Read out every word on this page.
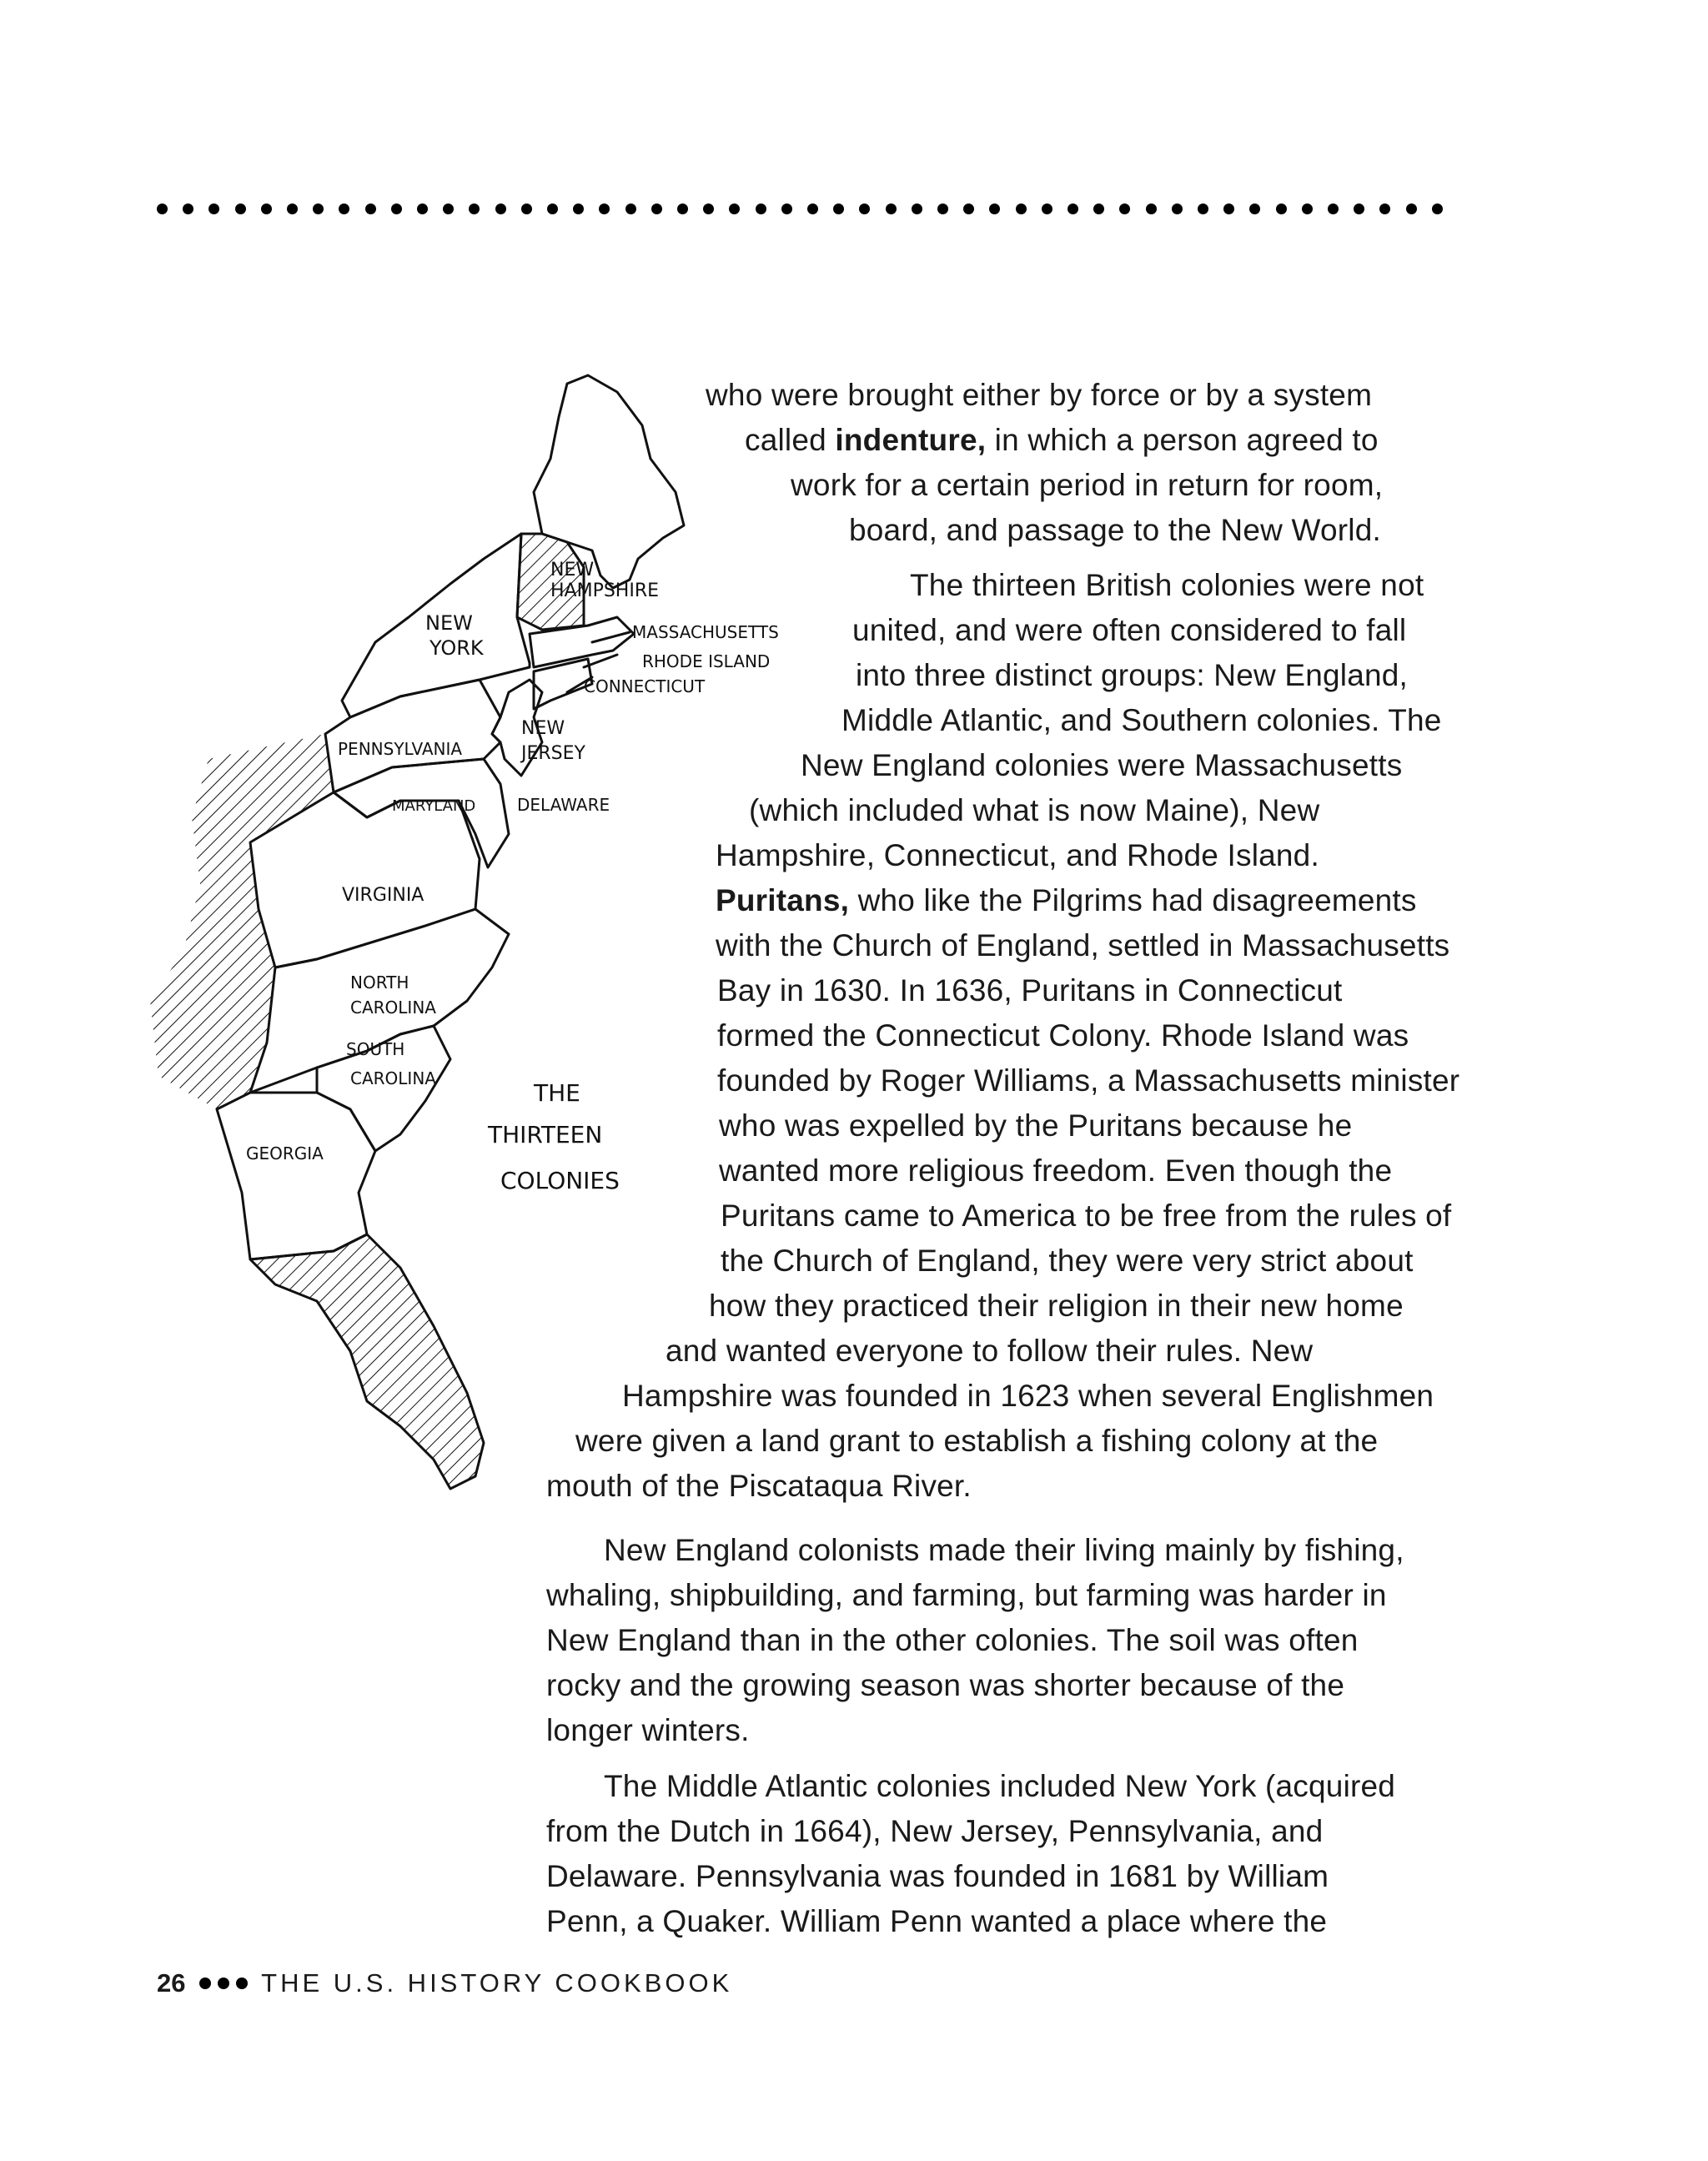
NEW
HAMPSHIRE
NEW
YORK
MASSACHUSETTS
RHODE ISLAND
CONNECTICUT
PENNSYLVANIA
NEW
JERSEY
MARYLAND DELAWARE
VIRGINIA
NORTH
CAROLINA
SOUTH
CAROLINA
GEORGIA
THE
THIRTEEN
COLONIES
who were brought either by force or by a system
called indenture, in which a person agreed to
work for a certain period in return for room,
board, and passage to the New World.
The thirteen British colonies were not
united, and were often considered to fall
into three distinct groups: New England,
Middle Atlantic, and Southern colonies. The
New England colonies were Massachusetts
(which included what is now Maine), New
Hampshire, Connecticut, and Rhode Island.
Puritans, who like the Pilgrims had disagreements
with the Church of England, settled in Massachusetts
Bay in 1630. In 1636, Puritans in Connecticut
formed the Connecticut Colony. Rhode Island was
founded by Roger Williams, a Massachusetts minister
who was expelled by the Puritans because he
wanted more religious freedom. Even though the
Puritans came to America to be free from the rules of
the Church of England, they were very strict about
how they practiced their religion in their new home
and wanted everyone to follow their rules. New
Hampshire was founded in 1623 when several Englishmen
were given a land grant to establish a fishing colony at the
mouth of the Piscataqua River.
New England colonists made their living mainly by fishing,
whaling, shipbuilding, and farming, but farming was harder in
New England than in the other colonies. The soil was often
rocky and the growing season was shorter because of the
longer winters.
The Middle Atlantic colonies included New York (acquired
from the Dutch in 1664), New Jersey, Pennsylvania, and
Delaware. Pennsylvania was founded in 1681 by William
Penn, a Quaker. William Penn wanted a place where the
26	THE U.S. HISTORY COOKBOOK
